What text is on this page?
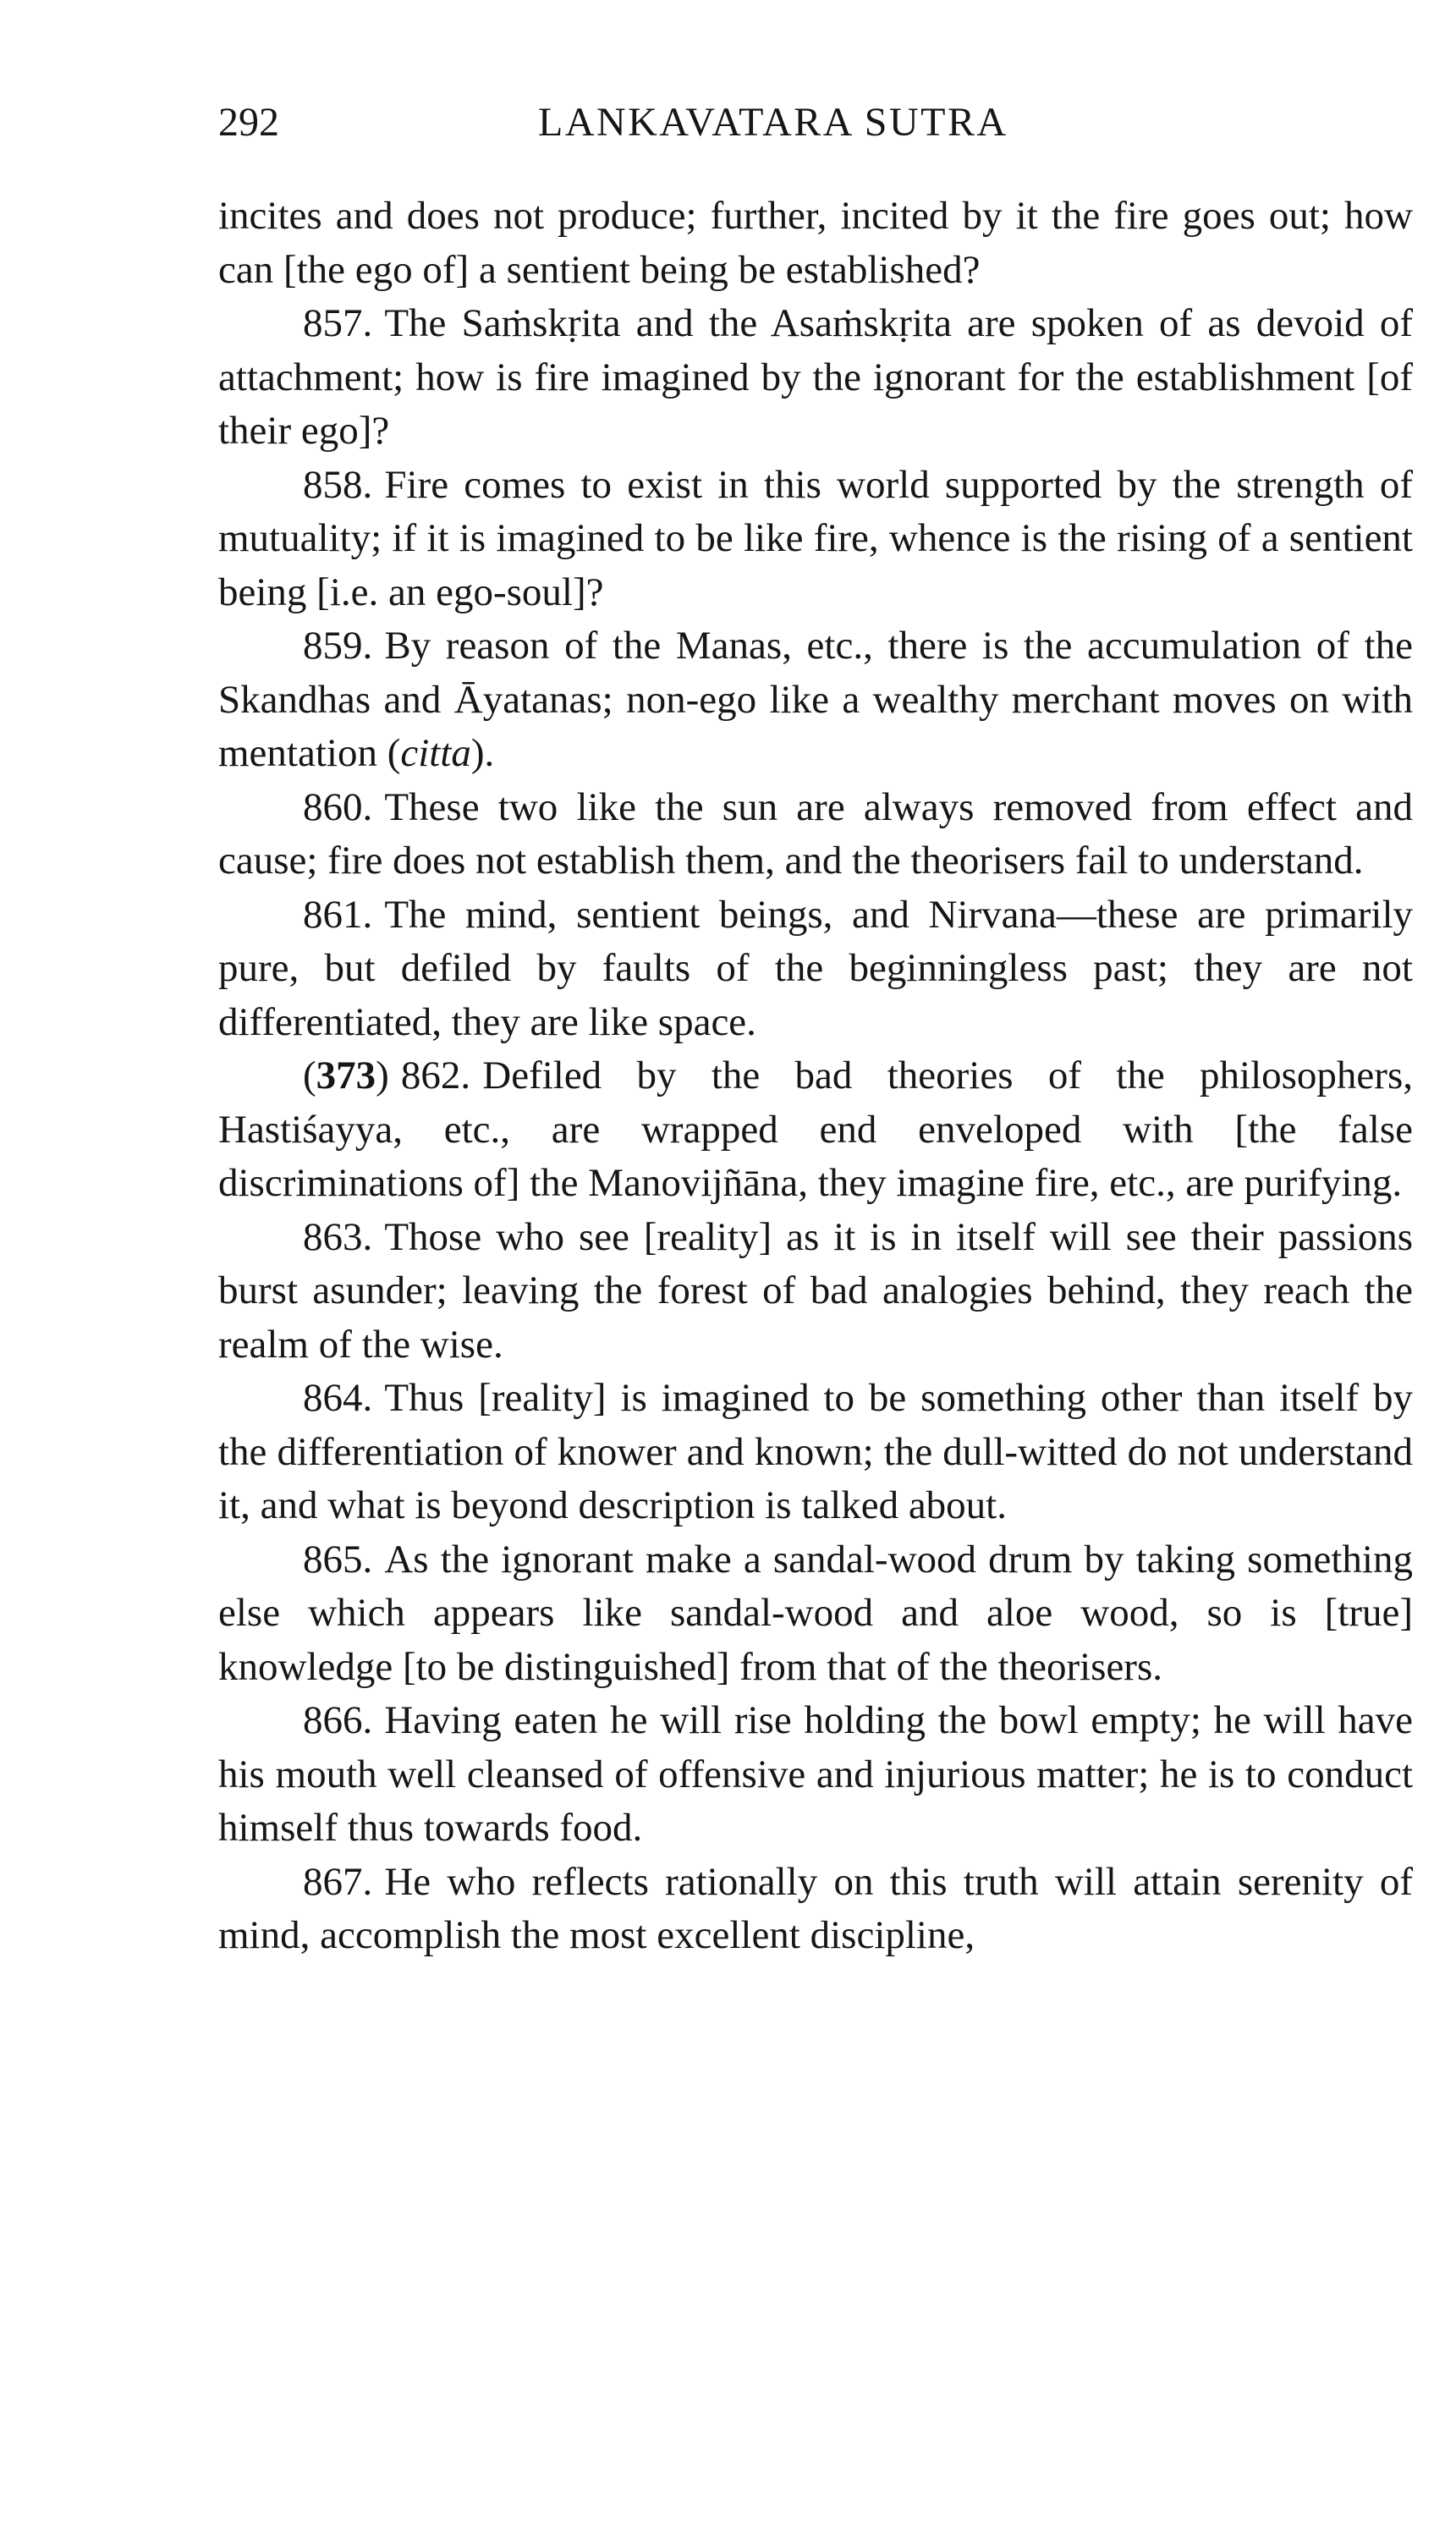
292	LANKAVATARA SUTRA

incites and does not produce; further, incited by it the fire goes out; how can [the ego of] a sentient being be established?

857. The Saṁskṛita and the Asaṁskṛita are spoken of as devoid of attachment; how is fire imagined by the ignorant for the establishment [of their ego]?

858. Fire comes to exist in this world supported by the strength of mutuality; if it is imagined to be like fire, whence is the rising of a sentient being [i.e. an ego-soul]?

859. By reason of the Manas, etc., there is the accumulation of the Skandhas and Āyatanas; non-ego like a wealthy merchant moves on with mentation (citta).

860. These two like the sun are always removed from effect and cause; fire does not establish them, and the theorisers fail to understand.

861. The mind, sentient beings, and Nirvana—these are primarily pure, but defiled by faults of the beginningless past; they are not differentiated, they are like space.

(373) 862. Defiled by the bad theories of the philosophers, Hastiśayya, etc., are wrapped end enveloped with [the false discriminations of] the Manovijñāna, they imagine fire, etc., are purifying.

863. Those who see [reality] as it is in itself will see their passions burst asunder; leaving the forest of bad analogies behind, they reach the realm of the wise.

864. Thus [reality] is imagined to be something other than itself by the differentiation of knower and known; the dull-witted do not understand it, and what is beyond description is talked about.

865. As the ignorant make a sandal-wood drum by taking something else which appears like sandal-wood and aloe wood, so is [true] knowledge [to be distinguished] from that of the theorisers.

866. Having eaten he will rise holding the bowl empty; he will have his mouth well cleansed of offensive and injurious matter; he is to conduct himself thus towards food.

867. He who reflects rationally on this truth will attain serenity of mind, accomplish the most excellent discipline,
